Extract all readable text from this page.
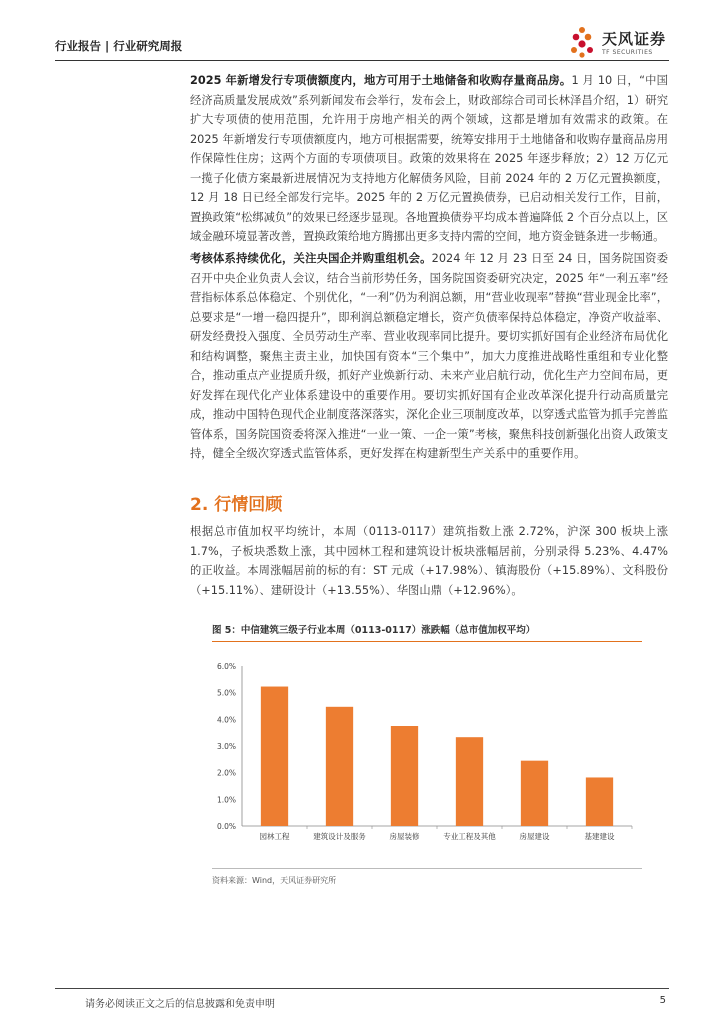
行业报告 | 行业研究周报	天风证券
TF SECURITIES

2025 年新增发行专项债额度内，地方可用于土地储备和收购存量商品房。1 月 10 日，“中国经济高质量发展成效”系列新闻发布会举行，发布会上，财政部综合司司长林泽昌介绍，1）研究扩大专项债的使用范围，允许用于房地产相关的两个领域，这都是增加有效需求的政策。在 2025 年新增发行专项债额度内，地方可根据需要，统筹安排用于土地储备和收购存量商品房用作保障性住房；这两个方面的专项债项目。政策的效果将在 2025 年逐步释放；2）12 万亿元一揽子化债方案最新进展情况为支持地方化解债务风险，目前 2024 年的 2 万亿元置换额度，12 月 18 日已经全部发行完毕。2025 年的 2 万亿元置换债券，已启动相关发行工作，目前，置换政策“松绑减负”的效果已经逐步显现。各地置换债券平均成本普遍降低 2 个百分点以上，区域金融环境显著改善，置换政策给地方腾挪出更多支持内需的空间，地方资金链条进一步畅通。

考核体系持续优化，关注央国企并购重组机会。2024 年 12 月 23 日至 24 日，国务院国资委召开中央企业负责人会议，结合当前形势任务，国务院国资委研究决定，2025 年“一利五率”经营指标体系总体稳定、个别优化，“一利”仍为利润总额，用“营业收现率”替换“营业现金比率”，总要求是“一增一稳四提升”，即利润总额稳定增长，资产负债率保持总体稳定，净资产收益率、研发经费投入强度、全员劳动生产率、营业收现率同比提升。要切实抓好国有企业经济布局优化和结构调整，聚焦主责主业，加快国有资本“三个集中”，加大力度推进战略性重组和专业化整合，推动重点产业提质升级，抓好产业焕新行动、未来产业启航行动，优化生产力空间布局，更好发挥在现代化产业体系建设中的重要作用。要切实抓好国有企业改革深化提升行动高质量完成，推动中国特色现代企业制度落深落实，深化企业三项制度改革，以穿透式监管为抓手完善监管体系，国务院国资委将深入推进“一业一策、一企一策”考核，聚焦科技创新强化出资人政策支持，健全全级次穿透式监管体系，更好发挥在构建新型生产关系中的重要作用。

2. 行情回顾

根据总市值加权平均统计，本周（0113-0117）建筑指数上涨 2.72%，沪深 300 板块上涨 1.7%，子板块悉数上涨，其中园林工程和建筑设计板块涨幅居前，分别录得 5.23%、4.47% 的正收益。本周涨幅居前的标的有：ST 元成（+17.98%）、镇海股份（+15.89%）、文科股份（+15.11%）、建研设计（+13.55%）、华图山鼎（+12.96%）。

图 5：中信建筑三级子行业本周（0113-0117）涨跌幅（总市值加权平均）
0.0%
1.0%
2.0%
3.0%
4.0%
5.0%
6.0%
园林工程	建筑设计及服务	房屋装修	专业工程及其他	房屋建设	基建建设
资料来源：Wind，天风证券研究所
请务必阅读正文之后的信息披露和免责申明	5
